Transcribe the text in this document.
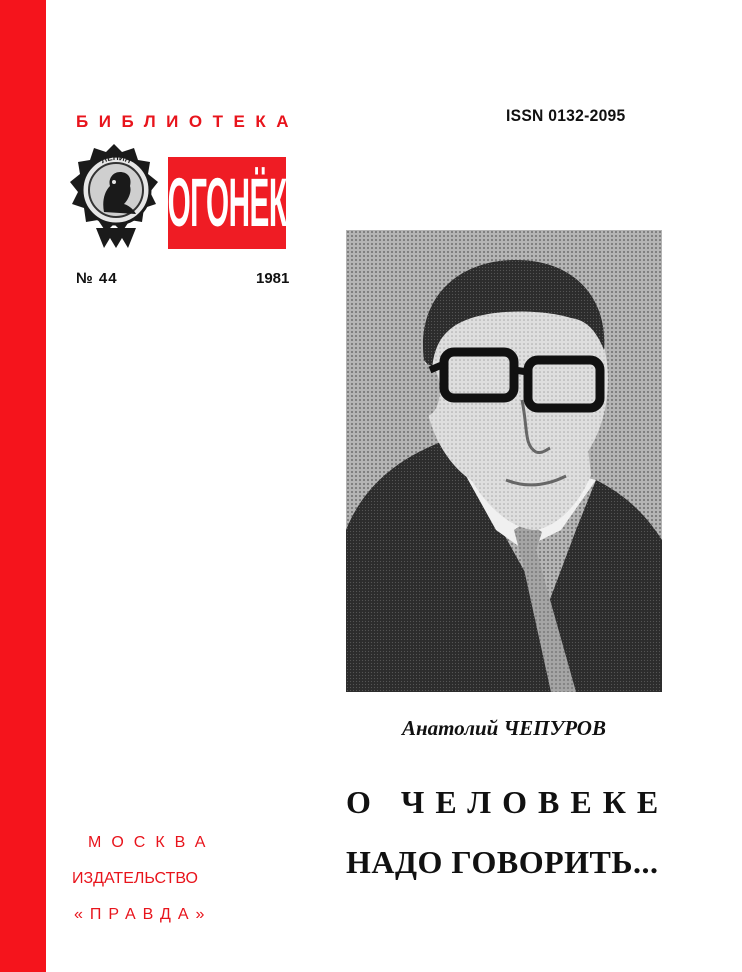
БИБЛИОТЕКА	ISSN 0132-2095
ЛЕНИН
ОГОНЁК
№ 44	1981
Анатолий ЧЕПУРОВ
О ЧЕЛОВЕКЕ
НАДО ГОВОРИТЬ...
МОСКВА
ИЗДАТЕЛЬСТВО
«ПРАВДА»
